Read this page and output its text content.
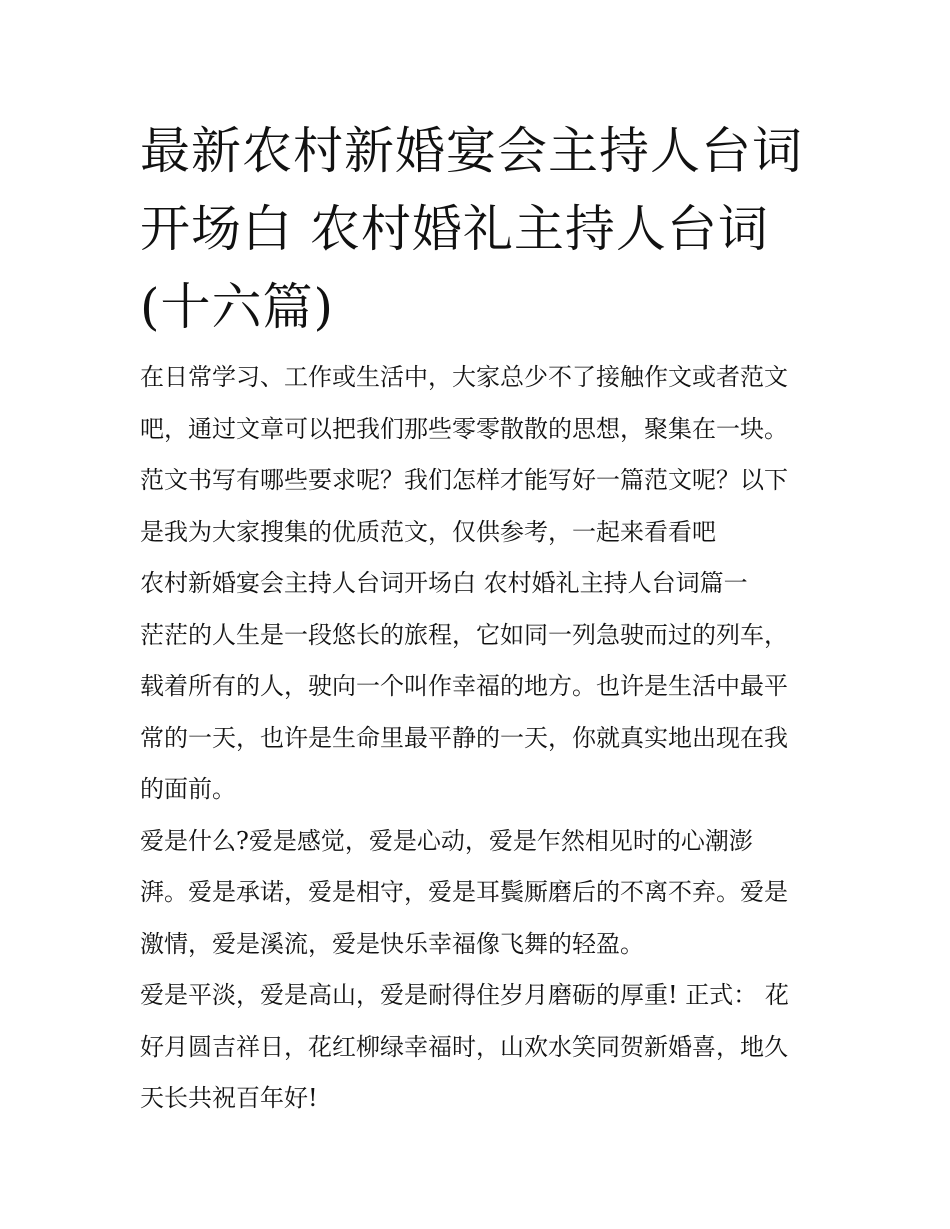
最新农村新婚宴会主持人台词
开场白 农村婚礼主持人台词
(十六篇)
在日常学习、工作或生活中，大家总少不了接触作文或者范文
吧，通过文章可以把我们那些零零散散的思想，聚集在一块。
范文书写有哪些要求呢？我们怎样才能写好一篇范文呢？以下
是我为大家搜集的优质范文，仅供参考，一起来看看吧
农村新婚宴会主持人台词开场白 农村婚礼主持人台词篇一
茫茫的人生是一段悠长的旅程，它如同一列急驶而过的列车，
载着所有的人，驶向一个叫作幸福的地方。也许是生活中最平
常的一天，也许是生命里最平静的一天，你就真实地出现在我
的面前。
爱是什么?爱是感觉，爱是心动，爱是乍然相见时的心潮澎
湃。爱是承诺，爱是相守，爱是耳鬓厮磨后的不离不弃。爱是
激情，爱是溪流，爱是快乐幸福像飞舞的轻盈。
爱是平淡，爱是高山，爱是耐得住岁月磨砺的厚重! 正式： 花
好月圆吉祥日，花红柳绿幸福时，山欢水笑同贺新婚喜，地久
天长共祝百年好!
